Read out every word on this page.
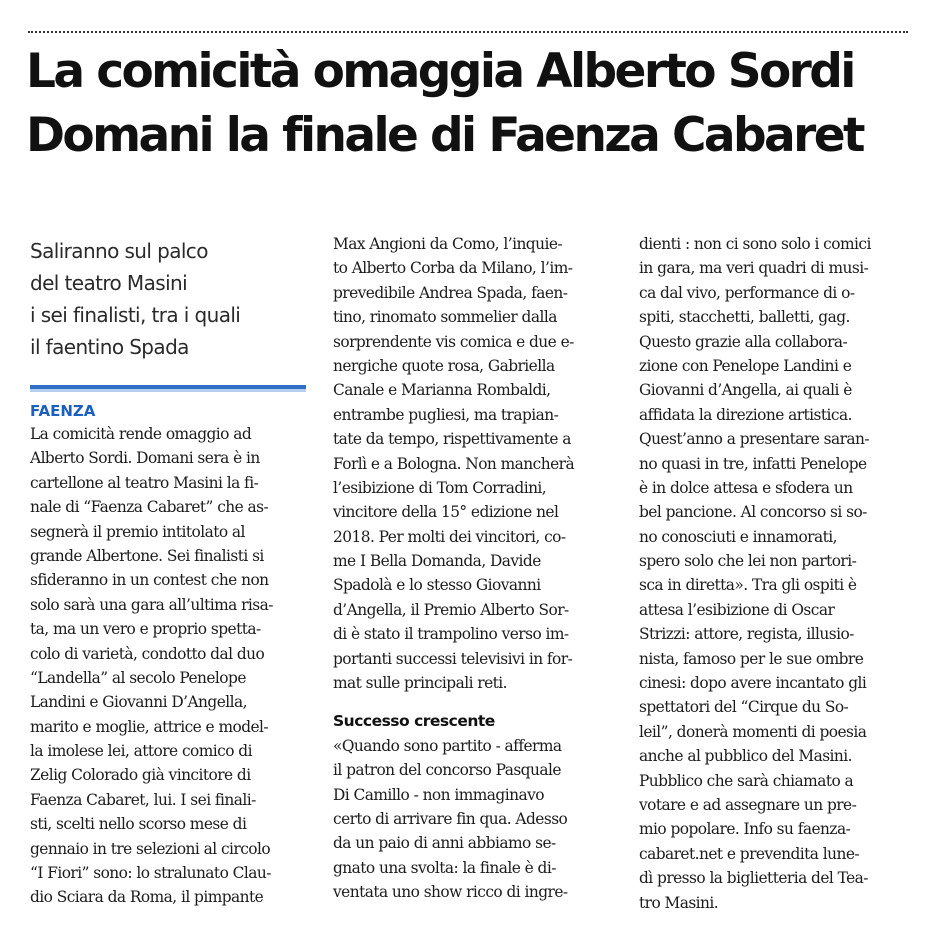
La comicità omaggia Alberto Sordi
Domani la finale di Faenza Cabaret
Saliranno sul palco
del teatro Masini
i sei finalisti, tra i quali
il faentino Spada
FAENZA
La comicità rende omaggio ad
Alberto Sordi. Domani sera è in
cartellone al teatro Masini la fi-
nale di “Faenza Cabaret” che as-
segnerà il premio intitolato al
grande Albertone. Sei finalisti si
sfideranno in un contest che non
solo sarà una gara all’ultima risa-
ta, ma un vero e proprio spetta-
colo di varietà, condotto dal duo
“Landella” al secolo Penelope
Landini e Giovanni D’Angella,
marito e moglie, attrice e model-
la imolese lei, attore comico di
Zelig Colorado già vincitore di
Faenza Cabaret, lui. I sei finali-
sti, scelti nello scorso mese di
gennaio in tre selezioni al circolo
“I Fiori” sono: lo stralunato Clau-
dio Sciara da Roma, il pimpante
Max Angioni da Como, l’inquie-
to Alberto Corba da Milano, l’im-
prevedibile Andrea Spada, faen-
tino, rinomato sommelier dalla
sorprendente vis comica e due e-
nergiche quote rosa, Gabriella
Canale e Marianna Rombaldi,
entrambe pugliesi, ma trapian-
tate da tempo, rispettivamente a
Forlì e a Bologna. Non mancherà
l’esibizione di Tom Corradini,
vincitore della 15° edizione nel
2018. Per molti dei vincitori, co-
me I Bella Domanda, Davide
Spadolà e lo stesso Giovanni
d’Angella, il Premio Alberto Sor-
di è stato il trampolino verso im-
portanti successi televisivi in for-
mat sulle principali reti.
Successo crescente
«Quando sono partito - afferma
il patron del concorso Pasquale
Di Camillo - non immaginavo
certo di arrivare fin qua. Adesso
da un paio di anni abbiamo se-
gnato una svolta: la finale è di-
ventata uno show ricco di ingre-
dienti : non ci sono solo i comici
in gara, ma veri quadri di musi-
ca dal vivo, performance di o-
spiti, stacchetti, balletti, gag.
Questo grazie alla collabora-
zione con Penelope Landini e
Giovanni d’Angella, ai quali è
affidata la direzione artistica.
Quest’anno a presentare saran-
no quasi in tre, infatti Penelope
è in dolce attesa e sfodera un
bel pancione. Al concorso si so-
no conosciuti e innamorati,
spero solo che lei non partori-
sca in diretta». Tra gli ospiti è
attesa l’esibizione di Oscar
Strizzi: attore, regista, illusio-
nista, famoso per le sue ombre
cinesi: dopo avere incantato gli
spettatori del “Cirque du So-
leil”, donerà momenti di poesia
anche al pubblico del Masini.
Pubblico che sarà chiamato a
votare e ad assegnare un pre-
mio popolare. Info su faenza-
cabaret.net e prevendita lune-
dì presso la biglietteria del Tea-
tro Masini.
